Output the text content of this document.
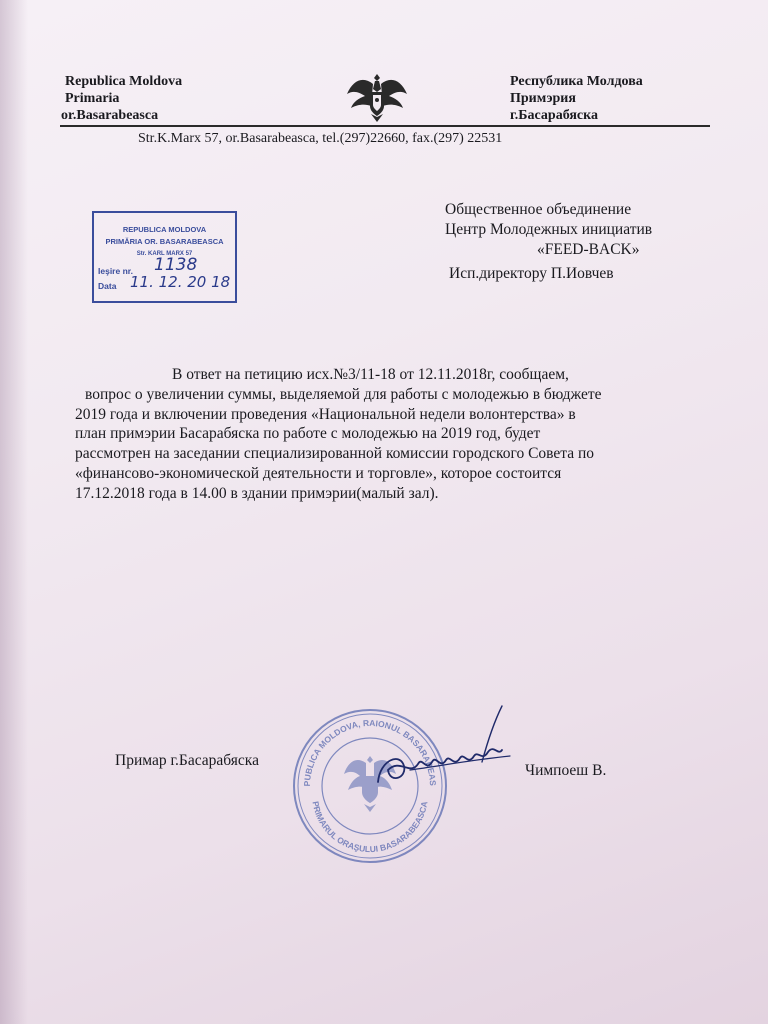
Republica Moldova
Primaria
or.Basarabeasca
Республика Молдова
Примэрия
г.Басарабяска
Str.K.Marx 57, or.Basarabeasca, tel.(297)22660, fax.(297) 22531
REPUBLICA MOLDOVA
PRIMĂRIA OR. BASARABEASCA
Str. KARL MARX 57
Ieşire nr. 1138
Data 11. 12. 20 18
Общественное объединение
Центр Молодежных инициатив
«FEED-BACK»
Исп.директору П.Иовчев

В ответ на петицию исх.№3/11-18 от 12.11.2018г, сообщаем,

вопрос о увеличении суммы, выделяемой для работы с молодежью в бюджете

2019 года и включении проведения «Национальной недели волонтерства» в

план примэрии Басарабяска по работе с молодежью на 2019 год, будет

рассмотрен на заседании специализированной комиссии городского Совета по

«финансово-экономической деятельности и торговле», которое состоится

17.12.2018 года в 14.00 в здании примэрии(малый зал).

Примар г.Басарабяска
Чимпоеш В.
PUBLICA MOLDOVA, RAIONUL BASARABEAS
PRIMARUL ORAŞULUI BASARABEASCA
